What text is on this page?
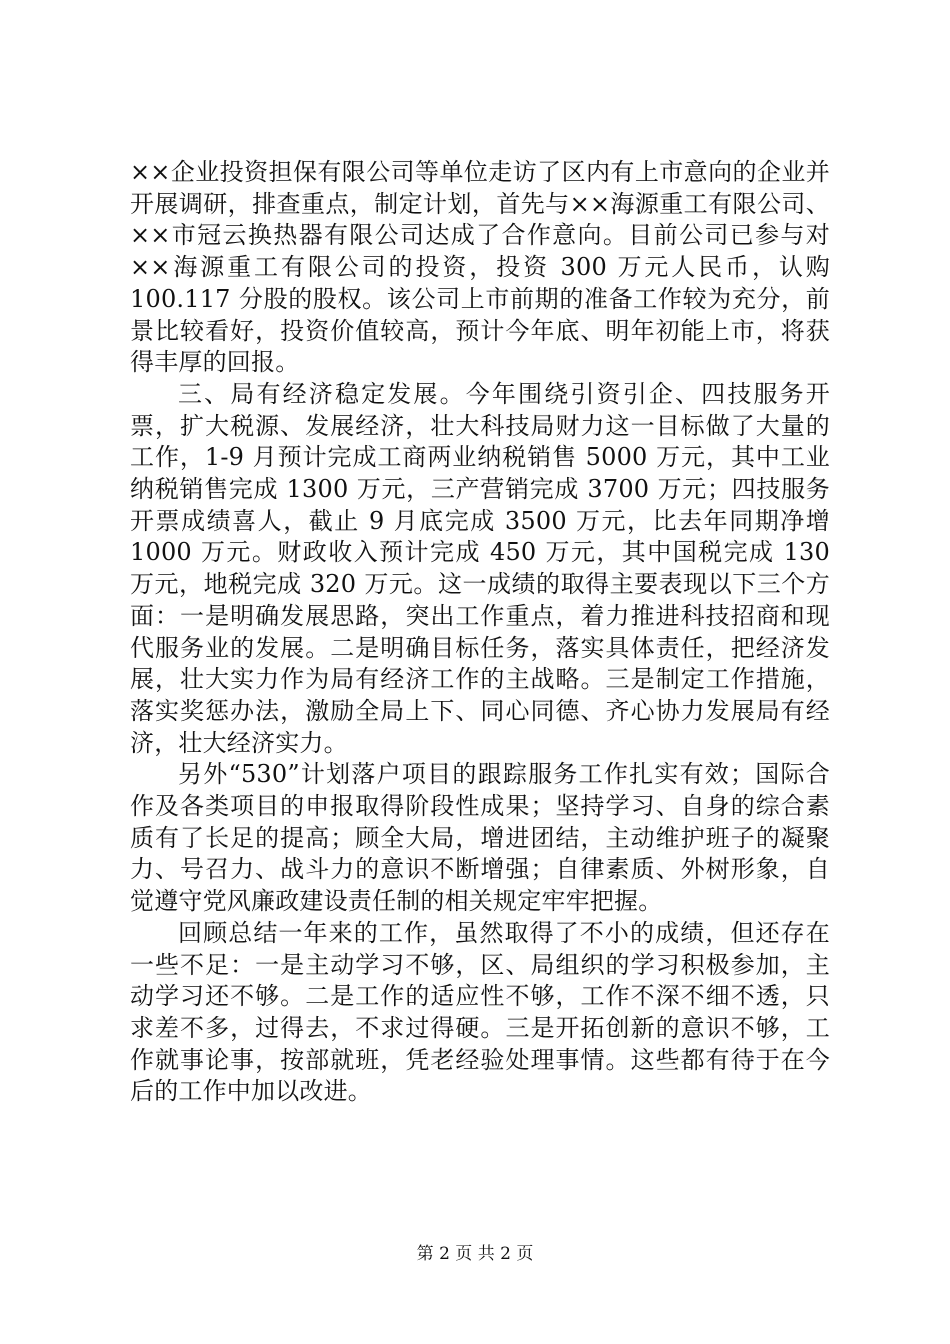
××企业投资担保有限公司等单位走访了区内有上市意向的企业并开展调研，排查重点，制定计划，首先与××海源重工有限公司、××市冠云换热器有限公司达成了合作意向。目前公司已参与对××海源重工有限公司的投资，投资 300 万元人民币，认购 100.117 分股的股权。该公司上市前期的准备工作较为充分，前景比较看好，投资价值较高，预计今年底、明年初能上市，将获得丰厚的回报。

三、局有经济稳定发展。今年围绕引资引企、四技服务开票，扩大税源、发展经济，壮大科技局财力这一目标做了大量的工作，1-9 月预计完成工商两业纳税销售 5000 万元，其中工业纳税销售完成 1300 万元，三产营销完成 3700 万元；四技服务开票成绩喜人，截止 9 月底完成 3500 万元，比去年同期净增 1000 万元。财政收入预计完成 450 万元，其中国税完成 130 万元，地税完成 320 万元。这一成绩的取得主要表现以下三个方面：一是明确发展思路，突出工作重点，着力推进科技招商和现代服务业的发展。二是明确目标任务，落实具体责任，把经济发展，壮大实力作为局有经济工作的主战略。三是制定工作措施，落实奖惩办法，激励全局上下、同心同德、齐心协力发展局有经济，壮大经济实力。

另外“530”计划落户项目的跟踪服务工作扎实有效；国际合作及各类项目的申报取得阶段性成果；坚持学习、自身的综合素质有了长足的提高；顾全大局，增进团结，主动维护班子的凝聚力、号召力、战斗力的意识不断增强；自律素质、外树形象，自觉遵守党风廉政建设责任制的相关规定牢牢把握。

回顾总结一年来的工作，虽然取得了不小的成绩，但还存在一些不足：一是主动学习不够，区、局组织的学习积极参加，主动学习还不够。二是工作的适应性不够，工作不深不细不透，只求差不多，过得去，不求过得硬。三是开拓创新的意识不够，工作就事论事，按部就班，凭老经验处理事情。这些都有待于在今后的工作中加以改进。

第 2 页 共 2 页
